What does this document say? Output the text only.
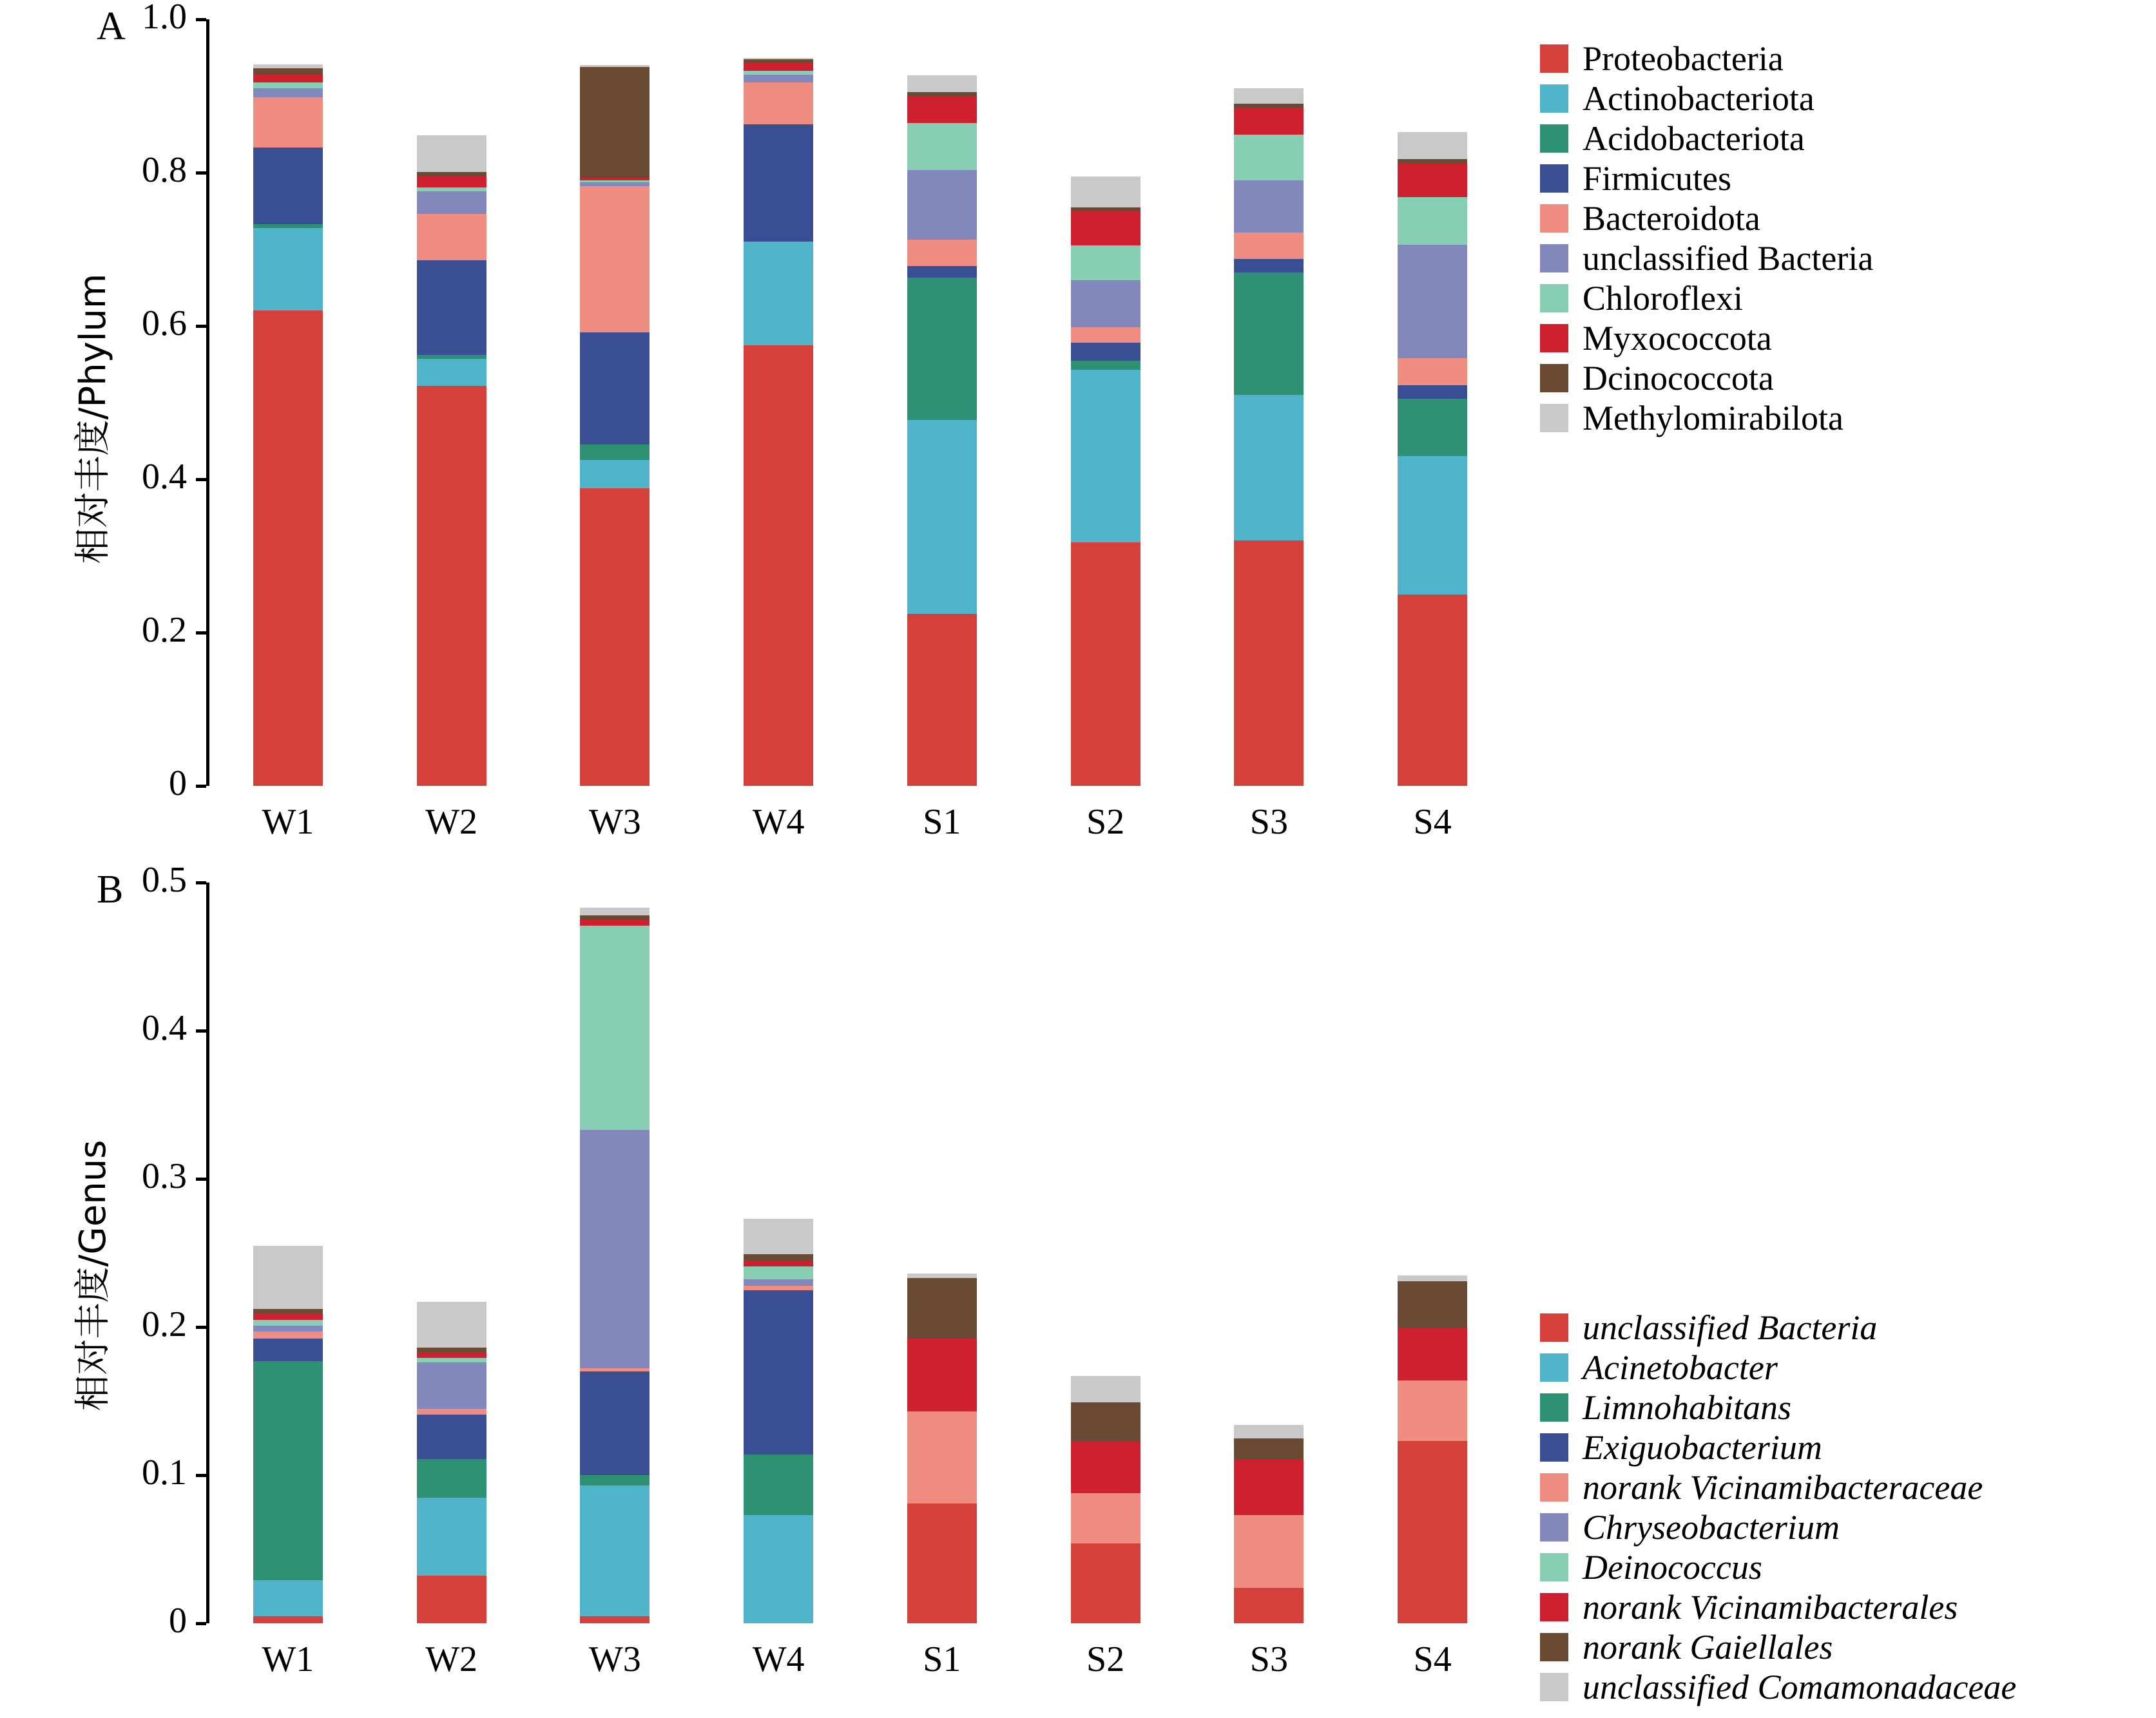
A
相对丰度/Phylum
0
0.2
0.4
0.6
0.8
1.0
W1	W2	W3	W4	S1	S2	S3	S4
Proteobacteria
Actinobacteriota
Acidobacteriota
Firmicutes
Bacteroidota
unclassified Bacteria
Chloroflexi
Myxococcota
Dcinococcota
Methylomirabilota
B
相对丰度/Genus
0
0.1
0.2
0.3
0.4
0.5
W1	W2	W3	W4	S1	S2	S3	S4
unclassified Bacteria
Acinetobacter
Limnohabitans
Exiguobacterium
norank Vicinamibacteraceae
Chryseobacterium
Deinococcus
norank Vicinamibacterales
norank Gaiellales
unclassified Comamonadaceae
